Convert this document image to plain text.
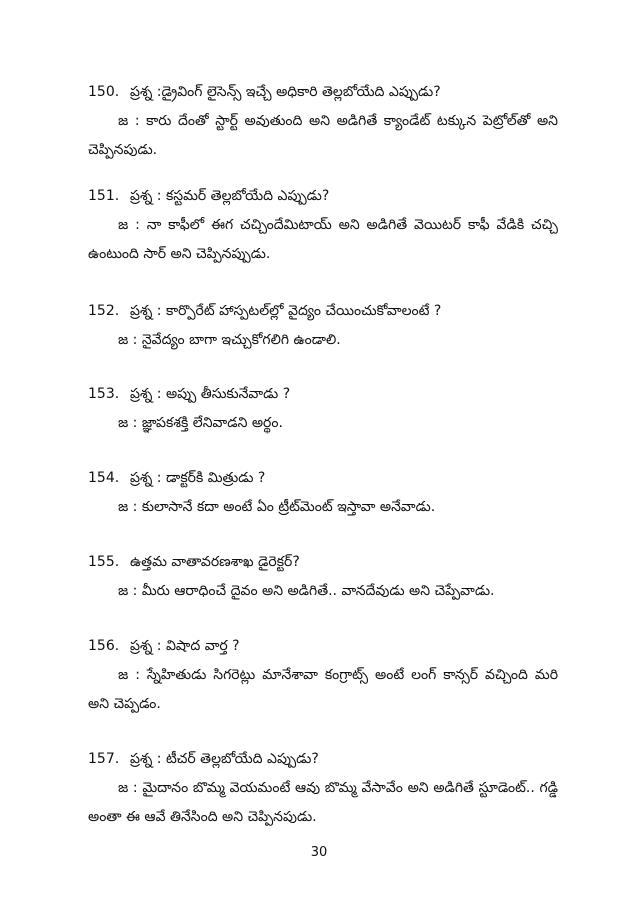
150. ప్రశ్న :డ్రైవింగ్ లైసెన్స్ ఇచ్చే అధికారి తెల్లబోయేది ఎప్పుడు?
జ : కారు దేంతో స్టార్ట్ అవుతుంది అని అడిగితే క్యాండేట్ టక్కున పెట్రోల్‌తో అని చెప్పినపుడు.
151. ప్రశ్న : కస్టమర్ తెల్లబోయేది ఎప్పుడు?
జ : నా కాఫీలో ఈగ చచ్చిందేమిటాయ్ అని అడిగితే వెయిటర్ కాఫీ వేడికి చచ్చి ఉంటుంది సార్ అని చెప్పినప్పుడు.
152. ప్రశ్న : కార్పొరేట్ హాస్పటల్‌ల్లో వైద్యం చేయించుకోవాలంటే ?
జ : నైవేద్యం బాగా ఇచ్చుకోగలిగి ఉండాలి.
153. ప్రశ్న : అప్పు తీసుకునేవాడు ?
జ : జ్ఞాపకశక్తి లేనివాడని అర్థం.
154. ప్రశ్న : డాక్టర్‌కి మిత్రుడు ?
జ : కులాసానే కదా అంటే ఏం ట్రీట్‌మెంట్ ఇస్తావా అనేవాడు.
155. ఉత్తమ వాతావరణశాఖ డైరెక్టర్?
జ : మీరు ఆరాధించే దైవం అని అడిగితే.. వానదేవుడు అని చెప్పేవాడు.
156. ప్రశ్న : విషాద వార్త ?
జ : స్నేహితుడు సిగరెట్లు మానేశావా కంగ్రాట్స్ అంటే లంగ్ కాన్సర్ వచ్చింది మరి అని చెప్పడం.
157. ప్రశ్న : టీచర్ తెల్లబోయేది ఎప్పుడు?
జ : మైదానం బొమ్మ వెయమంటే ఆవు బొమ్మ వేసావేం అని అడిగితే స్టూడెంట్.. గడ్డి అంతా ఈ ఆవే తినేసింది అని చెప్పినపుడు.
30
